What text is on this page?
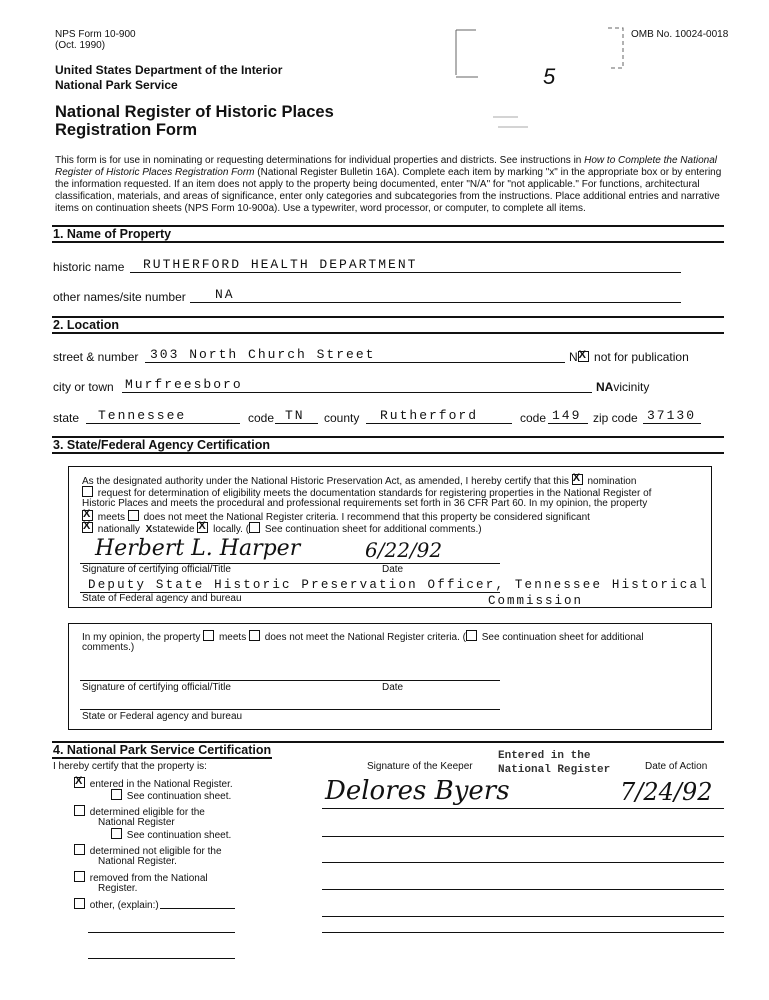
NPS Form 10-900
(Oct. 1990)
OMB No. 10024-0018
United States Department of the Interior
National Park Service
National Register of Historic Places
Registration Form
5
This form is for use in nominating or requesting determinations for individual properties and districts. See instructions in How to Complete the National Register of Historic Places Registration Form (National Register Bulletin 16A). Complete each item by marking "x" in the appropriate box or by entering the information requested. If an item does not apply to the property being documented, enter "N/A" for "not applicable." For functions, architectural classification, materials, and areas of significance, enter only categories and subcategories from the instructions. Place additional entries and narrative items on continuation sheets (NPS Form 10-900a). Use a typewriter, word processor, or computer, to complete all items.
1. Name of Property
historic name RUTHERFORD HEALTH DEPARTMENT
other names/site number NA
2. Location
street & number 303 North Church Street	N X not for publication
city or town Murfreesboro	NAvicinity
state Tennessee	code TN county Rutherford	code 149 zip code 37130
3. State/Federal Agency Certification
As the designated authority under the National Historic Preservation Act, as amended, I hereby certify that this X nomination
request for determination of eligibility meets the documentation standards for registering properties in the National Register of
Historic Places and meets the procedural and professional requirements set forth in 36 CFR Part 60. In my opinion, the property
X meets does not meet the National Register criteria. I recommend that this property be considered significant
X nationally Xstatewide X locally. ( See continuation sheet for additional comments.)
Herbert L. Harper	6/22/92
Signature of certifying official/Title	Date
Deputy State Historic Preservation Officer, Tennessee Historical
State of Federal agency and bureau	Commission
In my opinion, the property meets does not meet the National Register criteria. ( See continuation sheet for additional
comments.)
Signature of certifying official/Title	Date
State or Federal agency and bureau
4. National Park Service Certification
I hereby certify that the property is:	Signature of the Keeper	Date of Action
Entered in the
National Register
Delores Byers	7/24/92
X entered in the National Register.
See continuation sheet.
determined eligible for the
National Register
See continuation sheet.
determined not eligible for the
National Register.
removed from the National
Register.
other, (explain:)
